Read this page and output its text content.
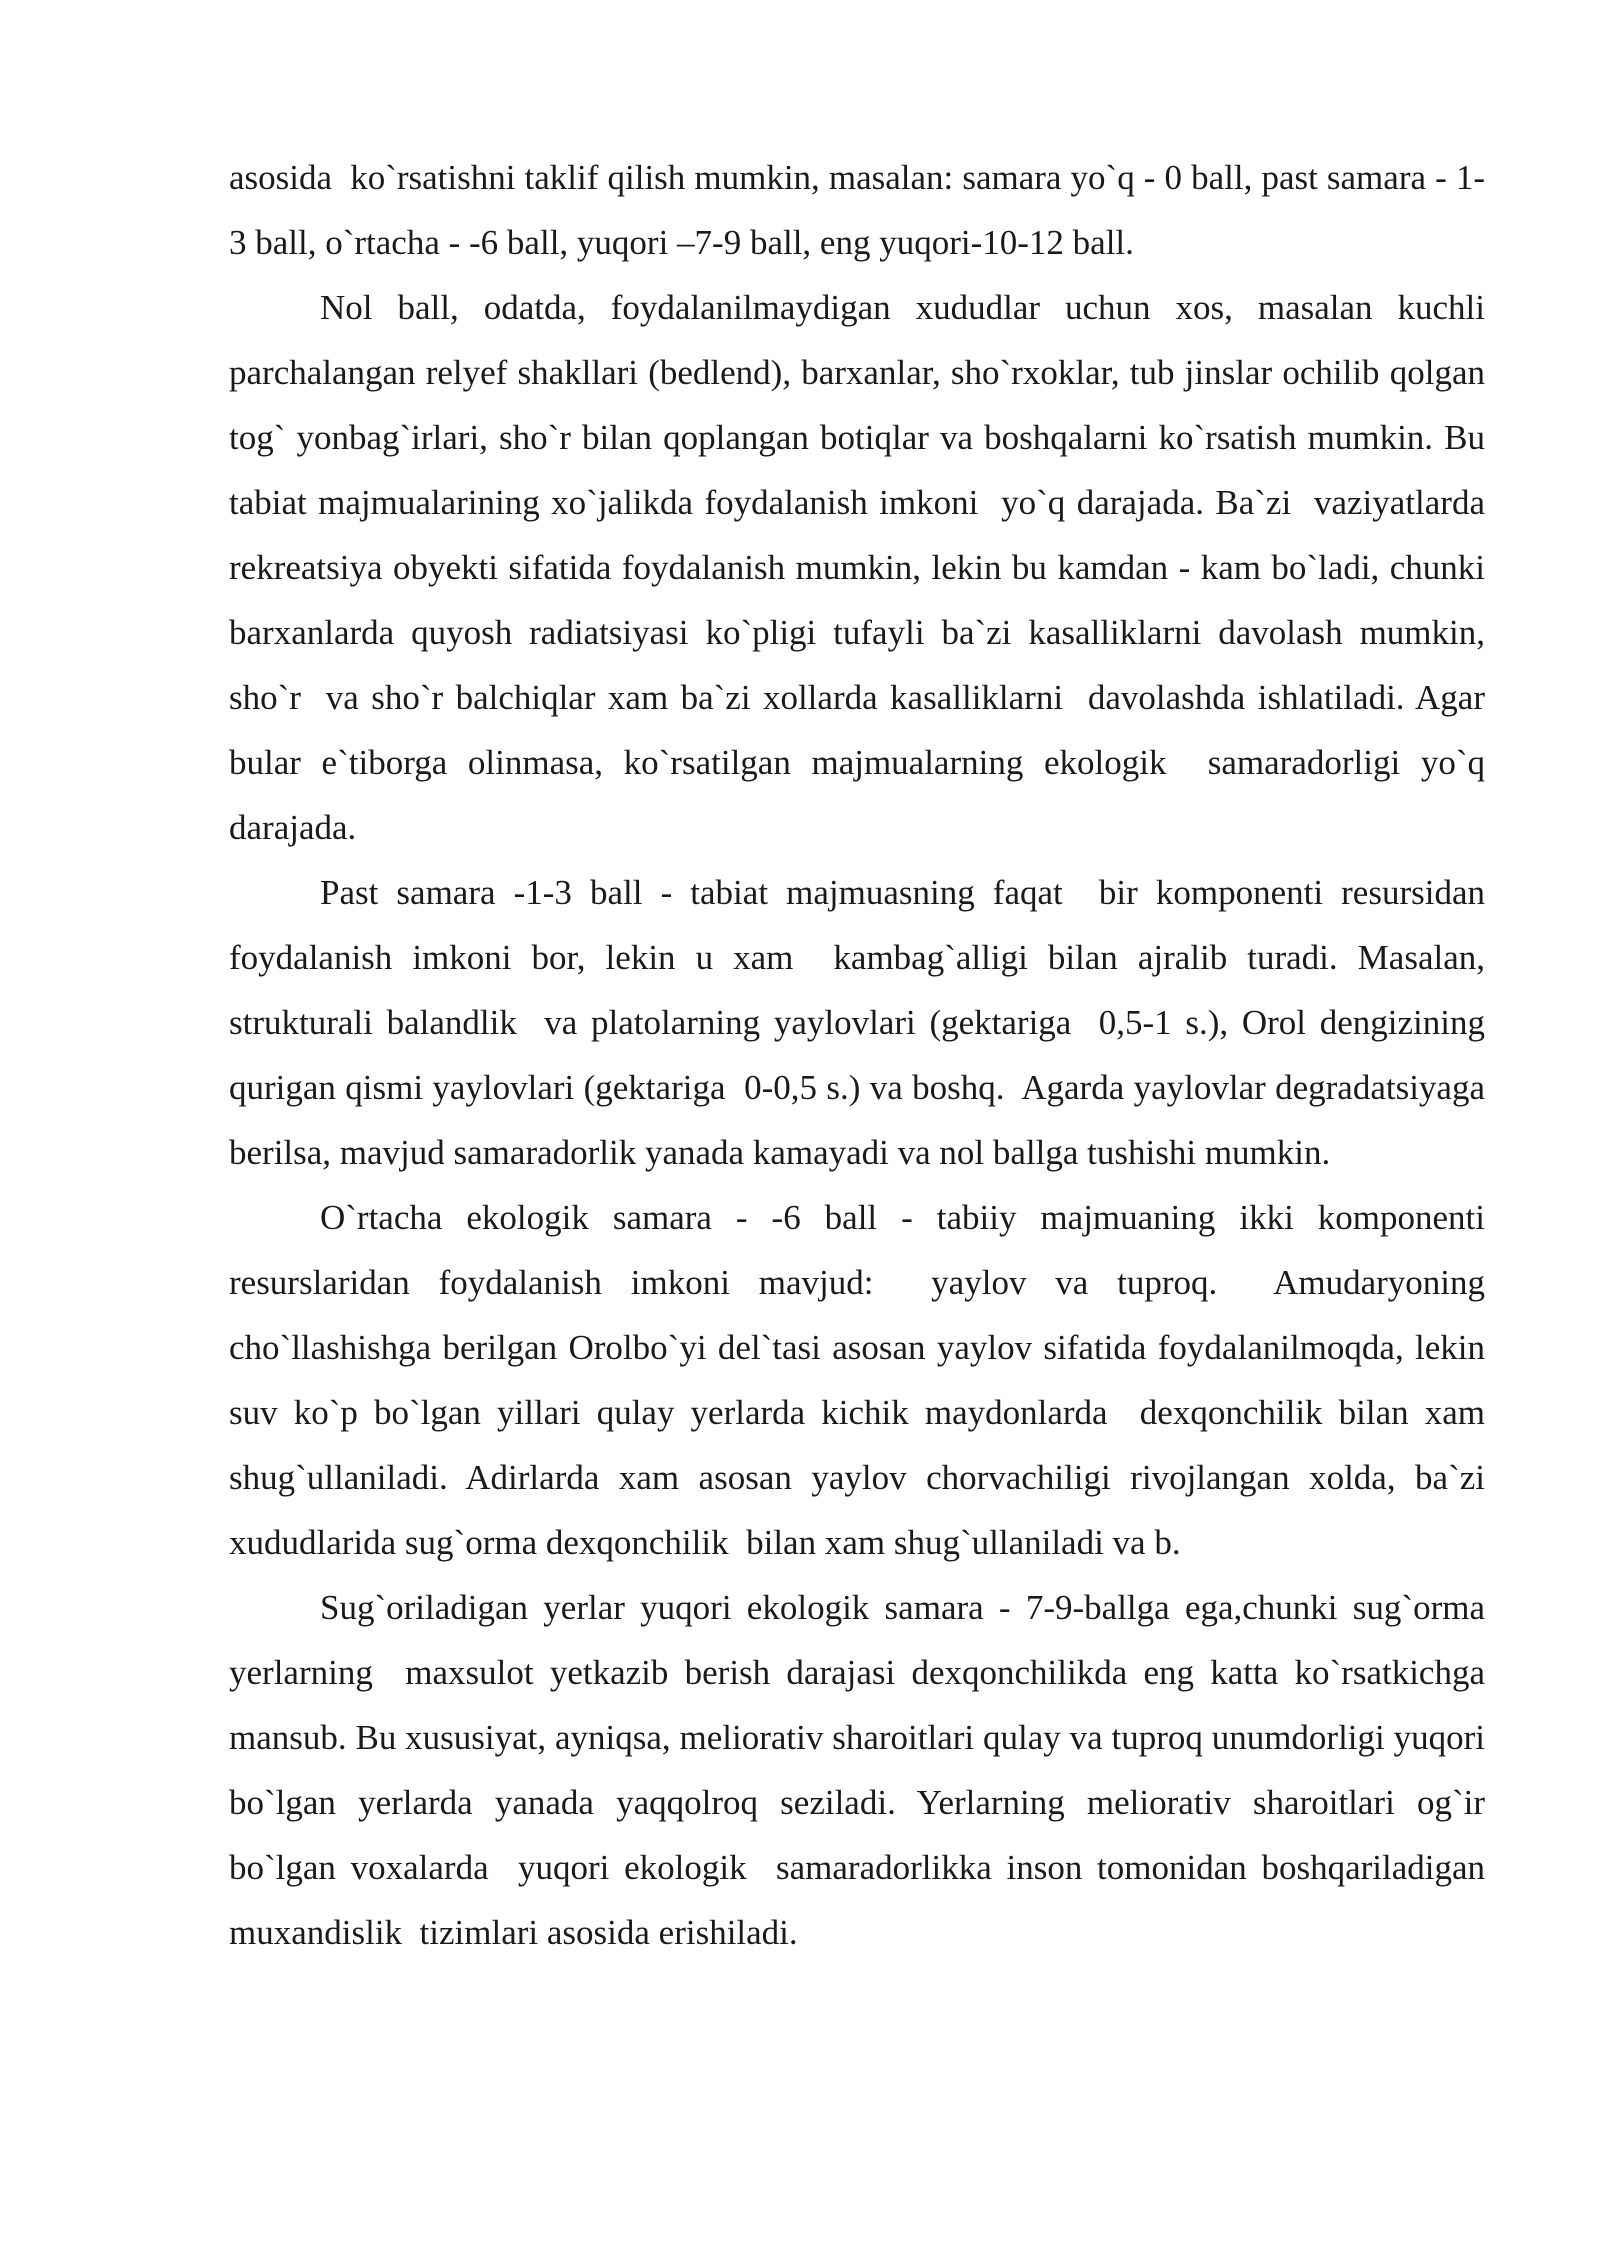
asosida  ko`rsatishni taklif qilish mumkin, masalan: samara yo`q - 0 ball, past samara - 1-3 ball, o`rtacha - -6 ball, yuqori –7-9 ball, eng yuqori-10-12 ball.

Nol ball, odatda, foydalanilmaydigan xududlar uchun xos, masalan kuchli parchalangan relyef shakllari (bedlend), barxanlar, sho`rxoklar, tub jinslar ochilib qolgan tog` yonbag`irlari, sho`r bilan qoplangan botiqlar va boshqalarni ko`rsatish mumkin. Bu tabiat majmualarining xo`jalikda foydalanish imkoni  yo`q darajada. Ba`zi  vaziyatlarda rekreatsiya obyekti sifatida foydalanish mumkin, lekin bu kamdan - kam bo`ladi, chunki barxanlarda quyosh radiatsiyasi ko`pligi tufayli ba`zi kasalliklarni davolash mumkin, sho`r  va sho`r balchiqlar xam ba`zi xollarda kasalliklarni  davolashda ishlatiladi. Agar bular e`tiborga olinmasa, ko`rsatilgan majmualarning ekologik  samaradorligi yo`q darajada.

Past samara -1-3 ball - tabiat majmuasning faqat  bir komponenti resursidan foydalanish imkoni bor, lekin u xam  kambag`alligi bilan ajralib turadi. Masalan, strukturali balandlik  va platolarning yaylovlari (gektariga  0,5-1 s.), Orol dengizining qurigan qismi yaylovlari (gektariga  0-0,5 s.) va boshq.  Agarda yaylovlar degradatsiyaga berilsa, mavjud samaradorlik yanada kamayadi va nol ballga tushishi mumkin.

O`rtacha ekologik samara - -6 ball - tabiiy majmuaning ikki komponenti resurslaridan foydalanish imkoni mavjud:  yaylov va tuproq.  Amudaryoning cho`llashishga berilgan Orolbo`yi del`tasi asosan yaylov sifatida foydalanilmoqda, lekin  suv ko`p bo`lgan yillari qulay yerlarda kichik maydonlarda  dexqonchilik bilan xam shug`ullaniladi. Adirlarda xam asosan yaylov chorvachiligi rivojlangan xolda, ba`zi xududlarida sug`orma dexqonchilik  bilan xam shug`ullaniladi va b.

Sug`oriladigan yerlar yuqori ekologik samara - 7-9-ballga ega,chunki sug`orma yerlarning  maxsulot yetkazib berish darajasi dexqonchilikda eng katta ko`rsatkichga mansub. Bu xususiyat, ayniqsa, meliorativ sharoitlari qulay va tuproq unumdorligi yuqori bo`lgan yerlarda yanada yaqqolroq seziladi. Yerlarning meliorativ sharoitlari og`ir bo`lgan voxalarda  yuqori ekologik  samaradorlikka inson tomonidan boshqariladigan muxandislik  tizimlari asosida erishiladi.
